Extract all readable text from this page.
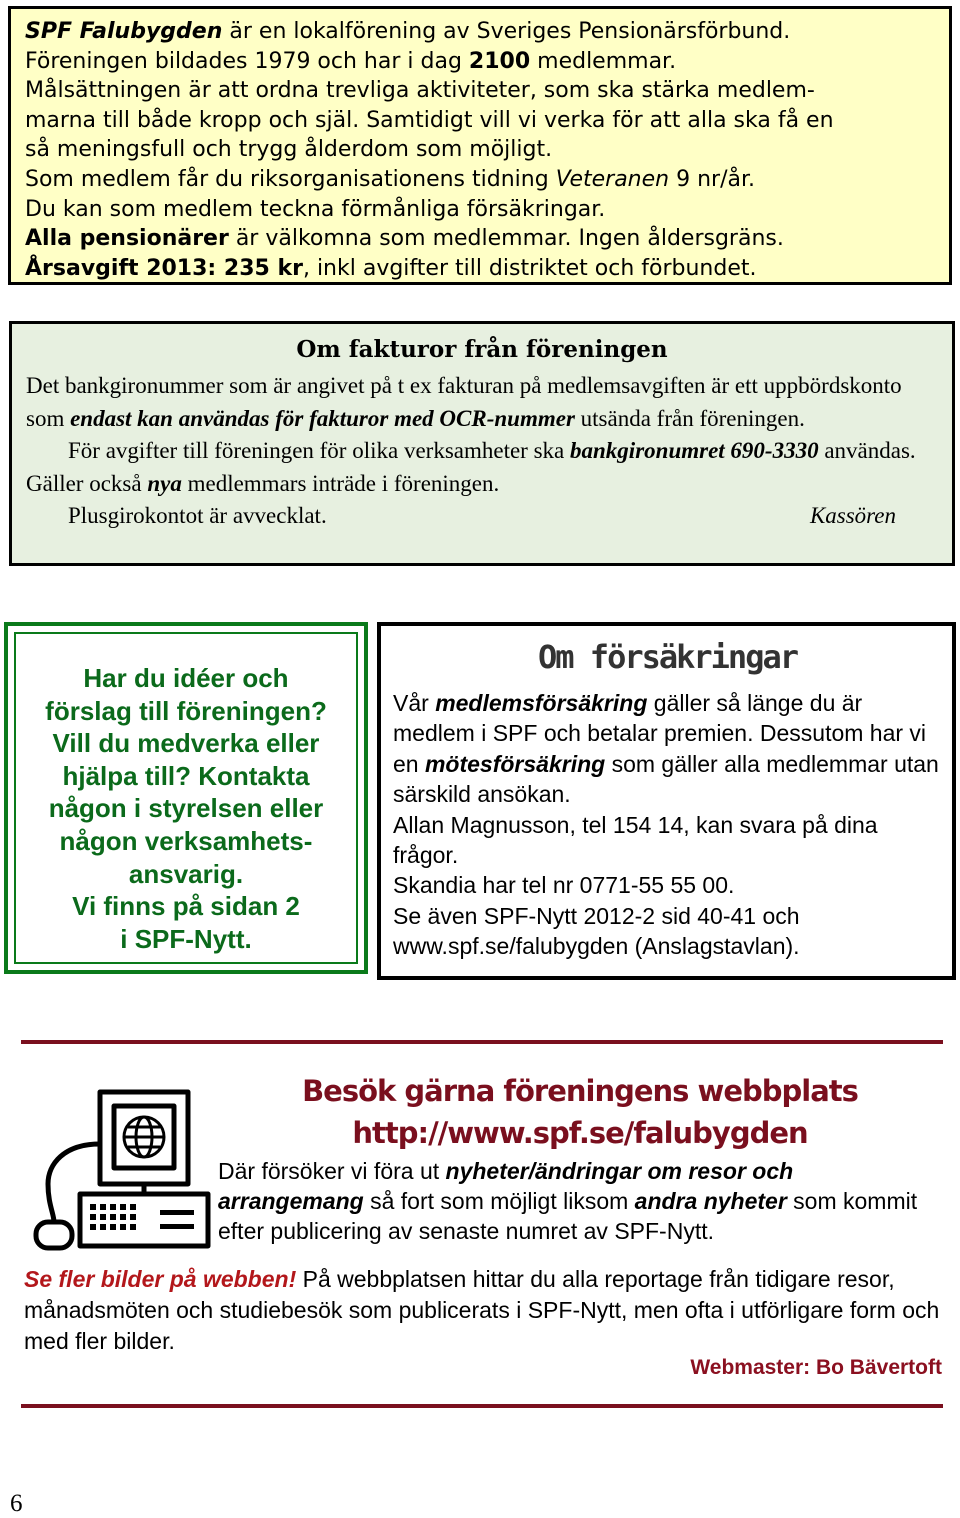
SPF Falubygden är en lokalförening av Sveriges Pensionärsförbund.

Föreningen bildades 1979 och har i dag 2100 medlemmar.

Målsättningen är att ordna trevliga aktiviteter, som ska stärka medlem-

marna till både kropp och själ. Samtidigt vill vi verka för att alla ska få en

så meningsfull och trygg ålderdom som möjligt.

Som medlem får du riksorganisationens tidning Veteranen 9 nr/år.

Du kan som medlem teckna förmånliga försäkringar.

Alla pensionärer är välkomna som medlemmar. Ingen åldersgräns.

Årsavgift 2013: 235 kr, inkl avgifter till distriktet och förbundet.

Om fakturor från föreningen

Det bankgironummer som är angivet på t ex fakturan på medlemsavgiften är ett uppbördskonto som endast kan användas för fakturor med OCR-nummer utsända från föreningen.

För avgifter till föreningen för olika verksamheter ska bankgironumret 690-3330 användas. Gäller också nya medlemmars inträde i föreningen.

Plusgirokontot är avvecklat.	Kassören

Har du idéer och
förslag till föreningen?
Vill du medverka eller
hjälpa till? Kontakta
någon i styrelsen eller
någon verksamhets-
ansvarig.
Vi finns på sidan 2
i SPF-Nytt.

Om försäkringar

Vår medlemsförsäkring gäller så länge du är medlem i SPF och betalar premien. Dessutom har vi en mötesförsäkring som gäller alla medlemmar utan särskild ansökan.

Allan Magnusson, tel 154 14, kan svara på dina frågor.

Skandia har tel nr 0771-55 55 00.

Se även SPF-Nytt 2012-2 sid 40-41 och www.spf.se/falubygden (Anslagstavlan).

Besök gärna föreningens webbplats

http://www.spf.se/falubygden

Där försöker vi föra ut nyheter/ändringar om resor och arrangemang så fort som möjligt liksom andra nyheter som kommit efter publicering av senaste numret av SPF-Nytt.

Se fler bilder på webben! På webbplatsen hittar du alla reportage från tidigare resor, månadsmöten och studiebesök som publicerats i SPF-Nytt, men ofta i utförligare form och med fler bilder.

Webmaster: Bo Bävertoft

6
